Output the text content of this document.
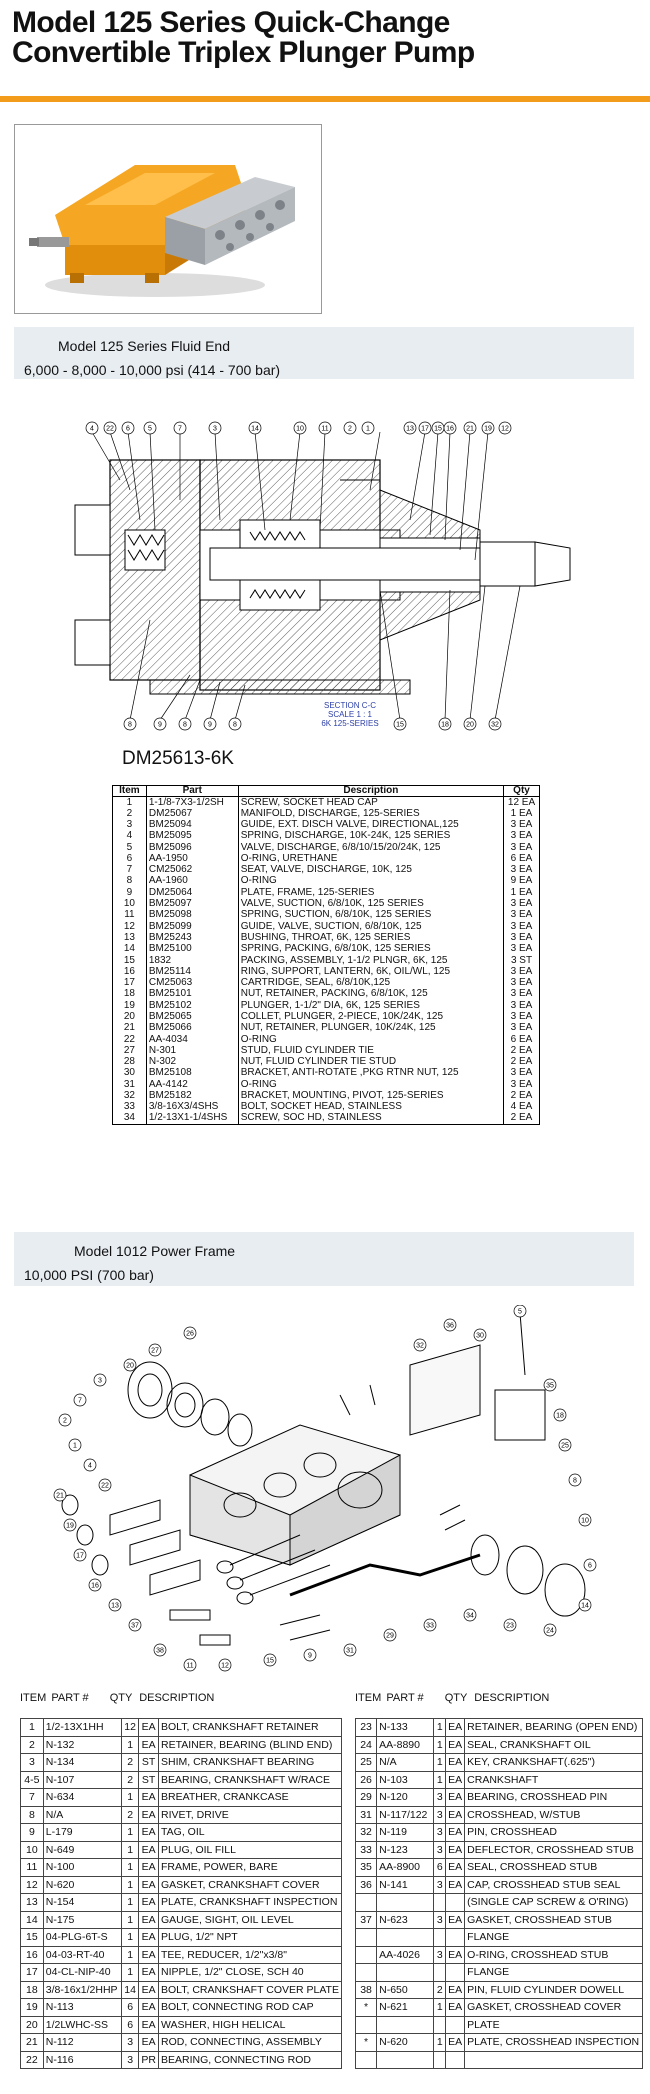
Model 125 Series Quick-Change
Convertible Triplex Plunger Pump
Model 125 Series Fluid End
6,000 - 8,000 - 10,000 psi (414 - 700 bar)
4 22 6	5	7	3	14	10 11	2 1	13 17 15 16 21 19 12
8	9	8	9	8	15	18 20 32
SECTION C-C
SCALE 1 : 1
6K 125-SERIES
DM25613-6K
Item	Part	Description	Qty
1	1-1/8-7X3-1/2SH	SCREW, SOCKET HEAD CAP	12 EA
2	DM25067	MANIFOLD, DISCHARGE, 125-SERIES	1 EA
3	BM25094	GUIDE, EXT. DISCH VALVE, DIRECTIONAL,125	3 EA
4	BM25095	SPRING, DISCHARGE, 10K-24K, 125 SERIES	3 EA
5	BM25096	VALVE, DISCHARGE, 6/8/10/15/20/24K, 125	3 EA
6	AA-1950	O-RING, URETHANE	6 EA
7	CM25062	SEAT, VALVE, DISCHARGE, 10K, 125	3 EA
8	AA-1960	O-RING	9 EA
9	DM25064	PLATE, FRAME, 125-SERIES	1 EA
10	BM25097	VALVE, SUCTION, 6/8/10K, 125 SERIES	3 EA
11	BM25098	SPRING, SUCTION, 6/8/10K, 125 SERIES	3 EA
12	BM25099	GUIDE, VALVE, SUCTION, 6/8/10K, 125	3 EA
13	BM25243	BUSHING, THROAT, 6K, 125 SERIES	3 EA
14	BM25100	SPRING, PACKING, 6/8/10K, 125 SERIES	3 EA
15	1832	PACKING, ASSEMBLY, 1-1/2 PLNGR, 6K, 125	3 ST
16	BM25114	RING, SUPPORT, LANTERN, 6K, OIL/WL, 125	3 EA
17	CM25063	CARTRIDGE, SEAL, 6/8/10K,125	3 EA
18	BM25101	NUT, RETAINER, PACKING, 6/8/10K, 125	3 EA
19	BM25102	PLUNGER, 1-1/2" DIA, 6K, 125 SERIES	3 EA
20	BM25065	COLLET, PLUNGER, 2-PIECE, 10K/24K, 125	3 EA
21	BM25066	NUT, RETAINER, PLUNGER, 10K/24K, 125	3 EA
22	AA-4034	O-RING	6 EA
27	N-301	STUD, FLUID CYLINDER TIE	2 EA
28	N-302	NUT, FLUID CYLINDER TIE STUD	2 EA
30	BM25108	BRACKET, ANTI-ROTATE ,PKG RTNR NUT, 125	3 EA
31	AA-4142	O-RING	3 EA
32	BM25182	BRACKET, MOUNTING, PIVOT, 125-SERIES	2 EA
33	3/8-16X3/4SHS	BOLT, SOCKET HEAD, STAINLESS	4 EA
34	1/2-13X1-1/4SHS	SCREW, SOC HD, STAINLESS	2 EA
Model 1012 Power Frame
10,000 PSI (700 bar)
5
26
27
20
3
7
2
1
4
22
21
19
17
16
13
37
38
11	12
15
9
31
29
33
34
23
24
14
6
10
8
25
18
35
30
36
32
ITEM PART # QTY DESCRIPTION	ITEM PART # QTY DESCRIPTION
1	1/2-13X1HH	12	EA	BOLT, CRANKSHAFT RETAINER
2	N-132	1	EA	RETAINER, BEARING (BLIND END)
3	N-134	2	ST	SHIM, CRANKSHAFT BEARING
4-5	N-107	2	ST	BEARING, CRANKSHAFT W/RACE
7	N-634	1	EA	BREATHER, CRANKCASE
8	N/A	2	EA	RIVET, DRIVE
9	L-179	1	EA	TAG, OIL
10	N-649	1	EA	PLUG, OIL FILL
11	N-100	1	EA	FRAME, POWER, BARE
12	N-620	1	EA	GASKET, CRANKSHAFT COVER
13	N-154	1	EA	PLATE, CRANKSHAFT INSPECTION
14	N-175	1	EA	GAUGE, SIGHT, OIL LEVEL
15	04-PLG-6T-S	1	EA	PLUG, 1/2" NPT
16	04-03-RT-40	1	EA	TEE, REDUCER, 1/2"x3/8"
17	04-CL-NIP-40	1	EA	NIPPLE, 1/2" CLOSE, SCH 40
18	3/8-16x1/2HHP	14	EA	BOLT, CRANKSHAFT COVER PLATE
19	N-113	6	EA	BOLT, CONNECTING ROD CAP
20	1/2LWHC-SS	6	EA	WASHER, HIGH HELICAL
21	N-112	3	EA	ROD, CONNECTING, ASSEMBLY
22	N-116	3	PR	BEARING, CONNECTING ROD
23	N-133	1	EA	RETAINER, BEARING (OPEN END)
24	AA-8890	1	EA	SEAL, CRANKSHAFT OIL
25	N/A	1	EA	KEY, CRANKSHAFT(.625")
26	N-103	1	EA	CRANKSHAFT
29	N-120	3	EA	BEARING, CROSSHEAD PIN
31	N-117/122	3	EA	CROSSHEAD, W/STUB
32	N-119	3	EA	PIN, CROSSHEAD
33	N-123	3	EA	DEFLECTOR, CROSSHEAD STUB
35	AA-8900	6	EA	SEAL, CROSSHEAD STUB
36	N-141	3	EA	CAP, CROSSHEAD STUB SEAL
				(SINGLE CAP SCREW & O'RING)
37	N-623	3	EA	GASKET, CROSSHEAD STUB
				FLANGE
	AA-4026	3	EA	O-RING, CROSSHEAD STUB
				FLANGE
38	N-650	2	EA	PIN, FLUID CYLINDER DOWELL
*	N-621	1	EA	GASKET, CROSSHEAD COVER
				PLATE
*	N-620	1	EA	PLATE, CROSSHEAD INSPECTION
